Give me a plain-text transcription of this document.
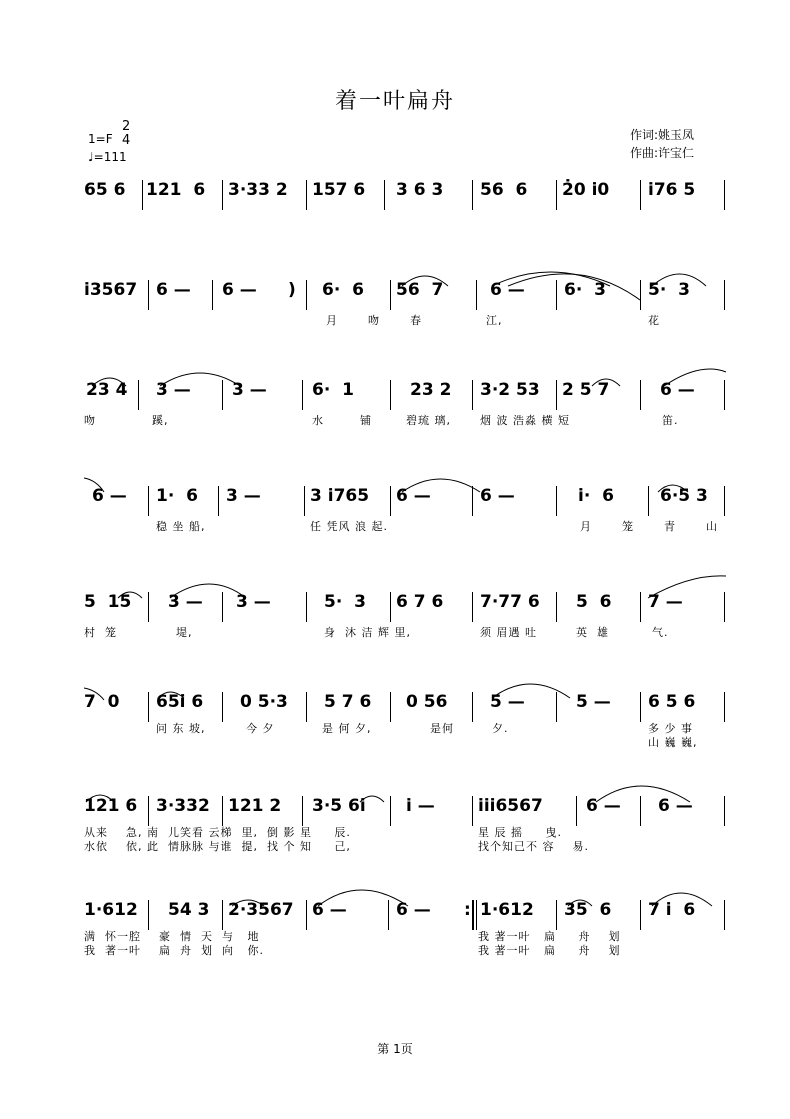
着一叶扁舟
1=F
2
4
♩=111
作词:姚玉凤
作曲:许宝仁
65 6 121  6 3·33 2 157 6 3 6 3 56  6 2̇0 i̇0 i̇76 5
i̇3567 6 — 6 — ) 6·  6 56  7	6 — 6·  3 5·  3
月	吻	春	江,	花
23 4 3 — 3 —	6·  1	23 2 3·2 53 2 5 7	6 —
吻	蹊,	水	铺	碧琉 璃,	烟 波 浩淼 横 短	笛.
6 — 1·  6 3 —	3 i̇765 6 —	6 —	i̇·  6	6·5 3
稳 坐 船,	任 凭风 浪 起.	月	笼	青	山
5  15 3 — 3 —	5·  3 6 7 6 7·77 6 5  6 7 —
村  笼	堤,	身  沐 洁 辉 里,	须 眉遇 吐	英  雄	气.
7  0 65i̇ 6 0 5·3 5 7 6 0 56	5 —	5 — 6 5 6
问 东 坡,	今 夕	是 何 夕,	是何	夕.	多 少 事
山 巍 巍,
121 6 3·332 121 2 3·5 6i̇ i̇ —	i̇i̇i̇6567	6 — 6 —
从来    急, 南  儿笑看 云梯  里,  倒 影 星     辰.	星 辰 摇     曳.
水依    依, 此  情脉脉 与谁  提,  找 个 知     己,	找个知己不 容    易.
1·612 54 3 2·3567 6 —	6 — : 1·612 35  6 7 i̇  6
满  怀一腔    豪  情  天  与   地	我 著一叶   扁     舟    划
我  著一叶    扁  舟  划  向   你.	我 著一叶   扁     舟    划
第 1页
